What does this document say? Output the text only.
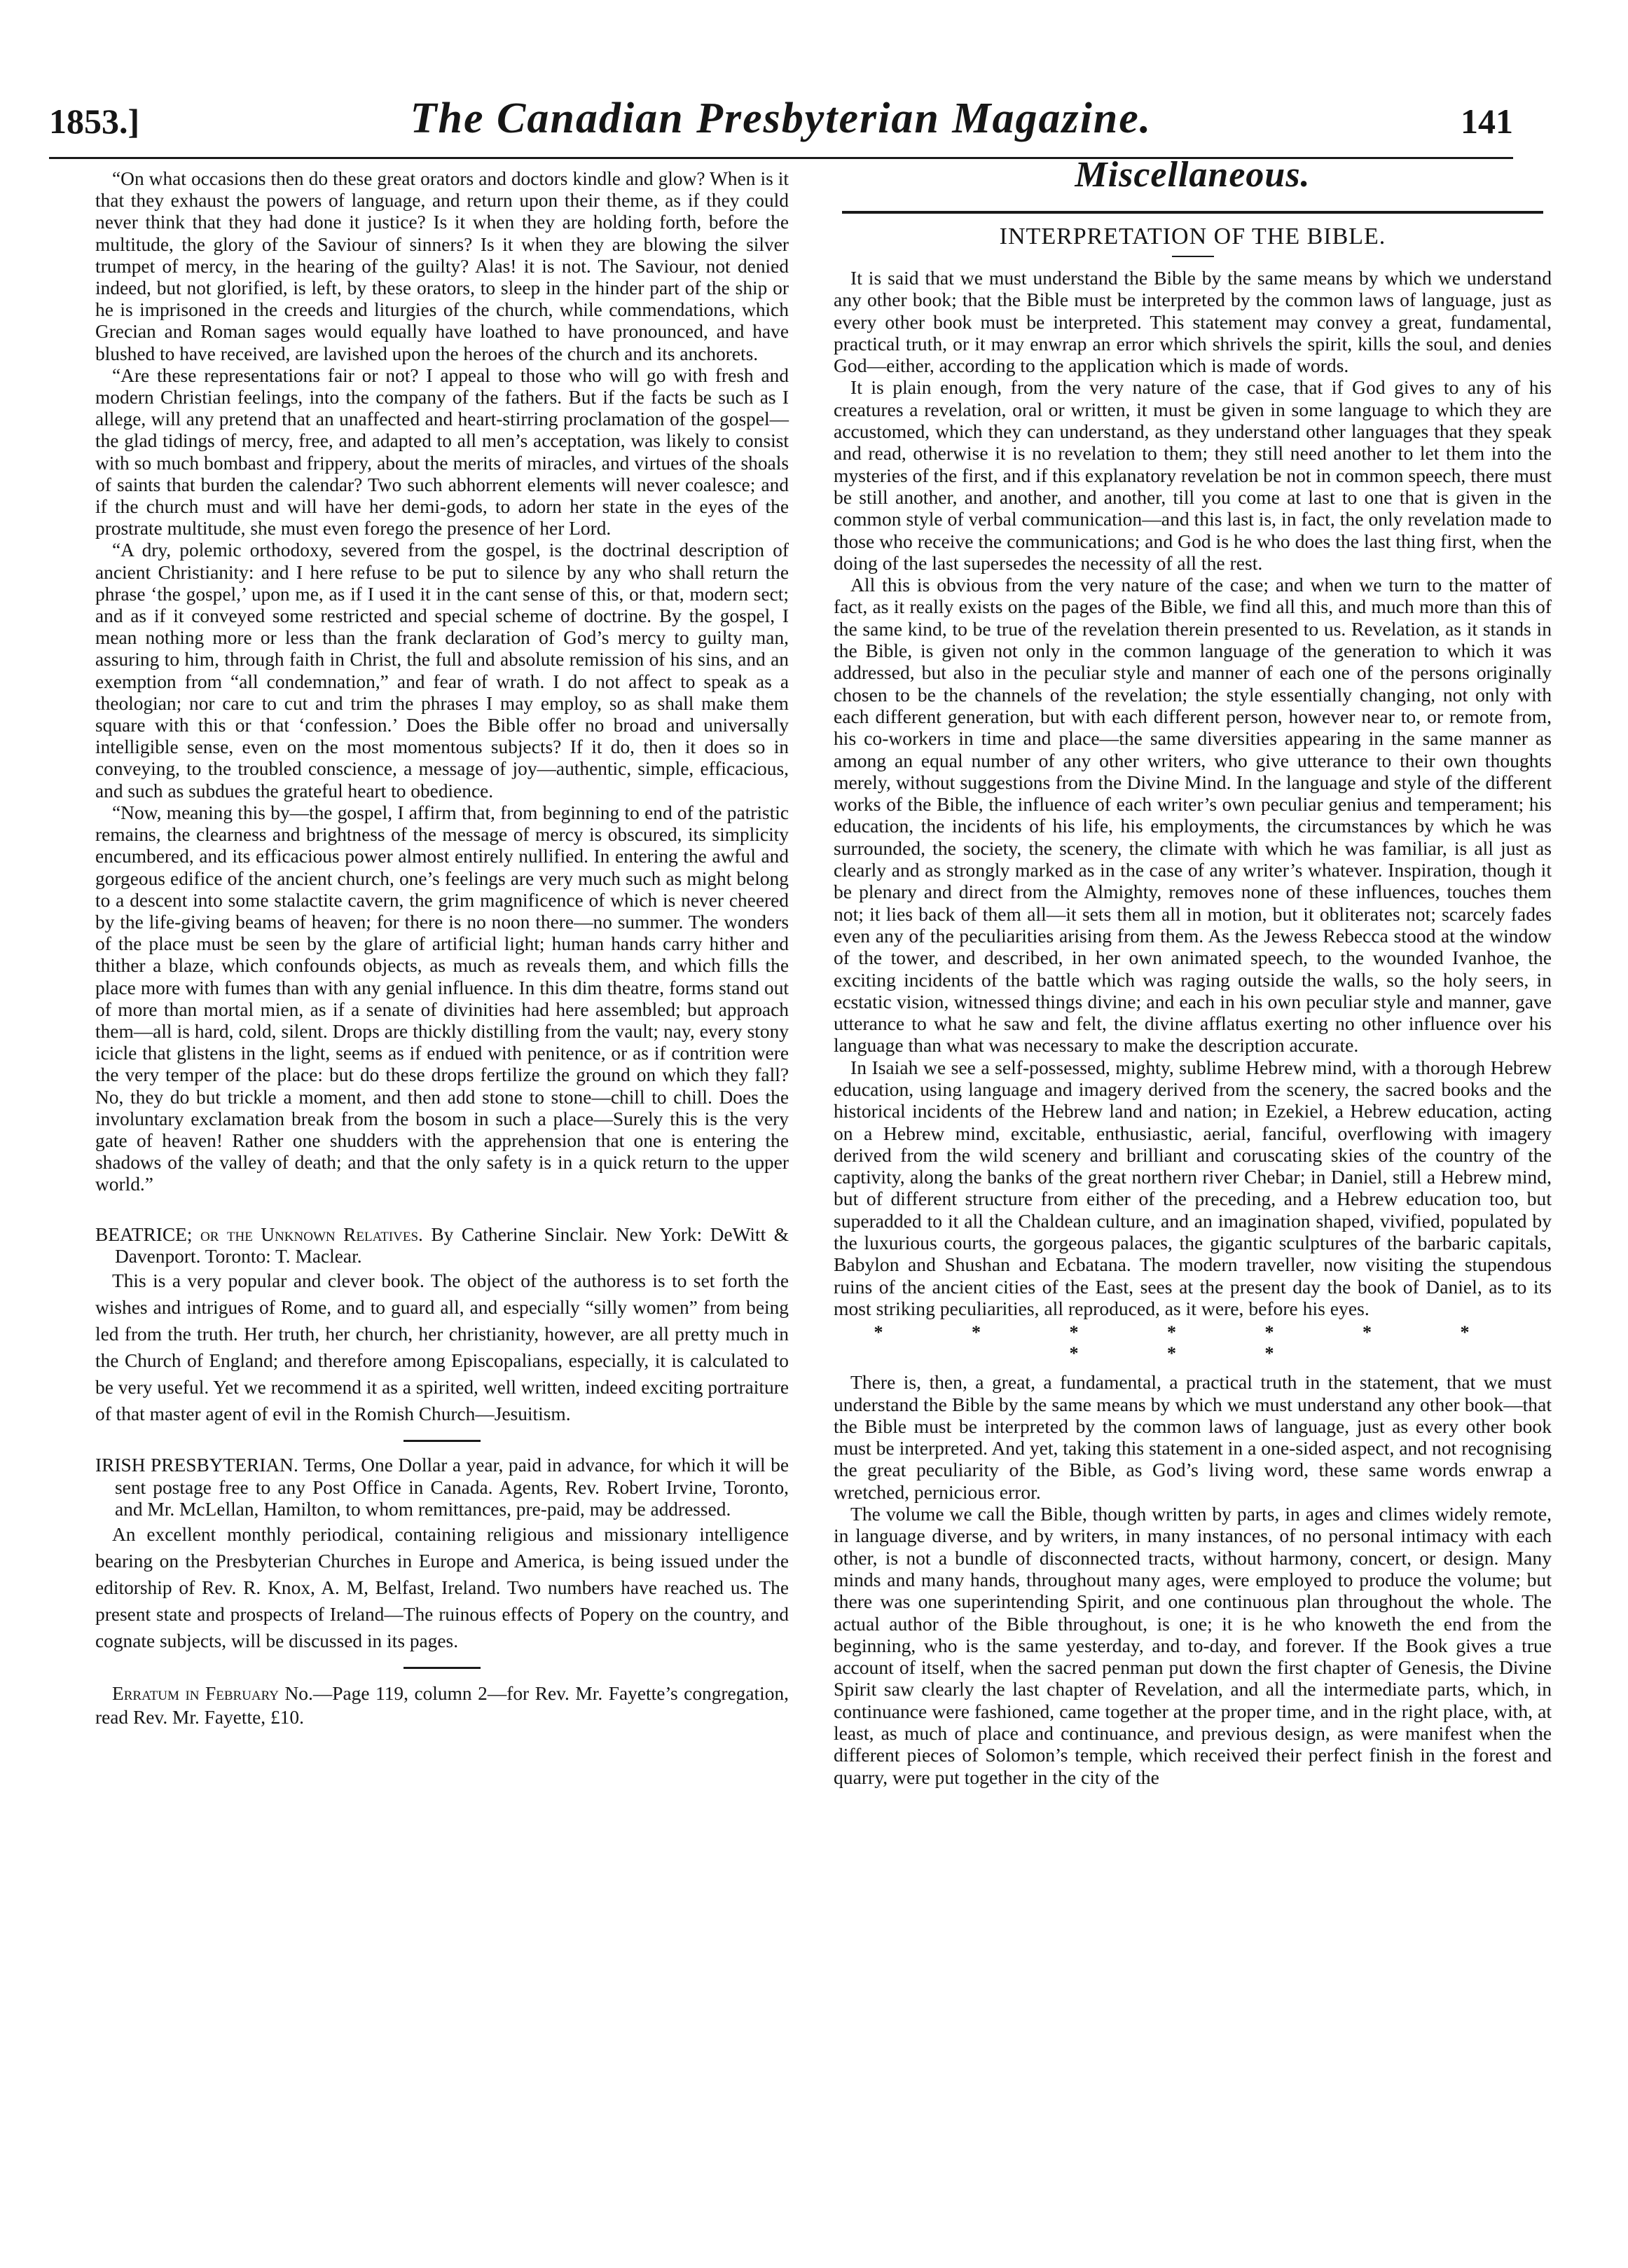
1853.]	The Canadian Presbyterian Magazine.	141

“On what occasions then do these great orators and doctors kindle and glow? When is it that they exhaust the powers of language, and return upon their theme, as if they could never think that they had done it justice? Is it when they are holding forth, before the multitude, the glory of the Saviour of sinners? Is it when they are blowing the silver trumpet of mercy, in the hearing of the guilty? Alas! it is not. The Saviour, not denied indeed, but not glorified, is left, by these orators, to sleep in the hinder part of the ship or he is imprisoned in the creeds and liturgies of the church, while commendations, which Grecian and Roman sages would equally have loathed to have pronounced, and have blushed to have received, are lavished upon the heroes of the church and its anchorets.

“Are these representations fair or not? I appeal to those who will go with fresh and modern Christian feelings, into the company of the fathers. But if the facts be such as I allege, will any pretend that an unaffected and heart-stirring proclamation of the gospel—the glad tidings of mercy, free, and adapted to all men’s acceptation, was likely to consist with so much bombast and frippery, about the merits of miracles, and virtues of the shoals of saints that burden the calendar? Two such abhorrent elements will never coalesce; and if the church must and will have her demi-gods, to adorn her state in the eyes of the prostrate multitude, she must even forego the presence of her Lord.

“A dry, polemic orthodoxy, severed from the gospel, is the doctrinal description of ancient Christianity: and I here refuse to be put to silence by any who shall return the phrase ‘the gospel,’ upon me, as if I used it in the cant sense of this, or that, modern sect; and as if it conveyed some restricted and special scheme of doctrine. By the gospel, I mean nothing more or less than the frank declaration of God’s mercy to guilty man, assuring to him, through faith in Christ, the full and absolute remission of his sins, and an exemption from “all condemnation,” and fear of wrath. I do not affect to speak as a theologian; nor care to cut and trim the phrases I may employ, so as shall make them square with this or that ‘confession.’ Does the Bible offer no broad and universally intelligible sense, even on the most momentous subjects? If it do, then it does so in conveying, to the troubled conscience, a message of joy—authentic, simple, efficacious, and such as subdues the grateful heart to obedience.

“Now, meaning this by—the gospel, I affirm that, from beginning to end of the patristic remains, the clearness and brightness of the message of mercy is obscured, its simplicity encumbered, and its efficacious power almost entirely nullified. In entering the awful and gorgeous edifice of the ancient church, one’s feelings are very much such as might belong to a descent into some stalactite cavern, the grim magnificence of which is never cheered by the life-giving beams of heaven; for there is no noon there—no summer. The wonders of the place must be seen by the glare of artificial light; human hands carry hither and thither a blaze, which confounds objects, as much as reveals them, and which fills the place more with fumes than with any genial influence. In this dim theatre, forms stand out of more than mortal mien, as if a senate of divinities had here assembled; but approach them—all is hard, cold, silent. Drops are thickly distilling from the vault; nay, every stony icicle that glistens in the light, seems as if endued with penitence, or as if contrition were the very temper of the place: but do these drops fertilize the ground on which they fall? No, they do but trickle a moment, and then add stone to stone—chill to chill. Does the involuntary exclamation break from the bosom in such a place—Surely this is the very gate of heaven! Rather one shudders with the apprehension that one is entering the shadows of the valley of death; and that the only safety is in a quick return to the upper world.”

BEATRICE; or the Unknown Relatives. By Catherine Sinclair. New York: DeWitt & Davenport. Toronto: T. Maclear.

This is a very popular and clever book. The object of the authoress is to set forth the wishes and intrigues of Rome, and to guard all, and especially “silly women” from being led from the truth. Her truth, her church, her christianity, however, are all pretty much in the Church of England; and therefore among Episcopalians, especially, it is calculated to be very useful. Yet we recommend it as a spirited, well written, indeed exciting portraiture of that master agent of evil in the Romish Church—Jesuitism.

IRISH PRESBYTERIAN. Terms, One Dollar a year, paid in advance, for which it will be sent postage free to any Post Office in Canada. Agents, Rev. Robert Irvine, Toronto, and Mr. McLellan, Hamilton, to whom remittances, pre-paid, may be addressed.

An excellent monthly periodical, containing religious and missionary intelligence bearing on the Presbyterian Churches in Europe and America, is being issued under the editorship of Rev. R. Knox, A. M, Belfast, Ireland. Two numbers have reached us. The present state and prospects of Ireland—The ruinous effects of Popery on the country, and cognate subjects, will be discussed in its pages.

Erratum in February No.—Page 119, column 2—for Rev. Mr. Fayette’s congregation, read Rev. Mr. Fayette, £10.

Miscellaneous.
INTERPRETATION OF THE BIBLE.

It is said that we must understand the Bible by the same means by which we understand any other book; that the Bible must be interpreted by the common laws of language, just as every other book must be interpreted. This statement may convey a great, fundamental, practical truth, or it may enwrap an error which shrivels the spirit, kills the soul, and denies God—either, according to the application which is made of words.

It is plain enough, from the very nature of the case, that if God gives to any of his creatures a revelation, oral or written, it must be given in some language to which they are accustomed, which they can understand, as they understand other languages that they speak and read, otherwise it is no revelation to them; they still need another to let them into the mysteries of the first, and if this explanatory revelation be not in common speech, there must be still another, and another, and another, till you come at last to one that is given in the common style of verbal communication—and this last is, in fact, the only revelation made to those who receive the communications; and God is he who does the last thing first, when the doing of the last supersedes the necessity of all the rest.

All this is obvious from the very nature of the case; and when we turn to the matter of fact, as it really exists on the pages of the Bible, we find all this, and much more than this of the same kind, to be true of the revelation therein presented to us. Revelation, as it stands in the Bible, is given not only in the common language of the generation to which it was addressed, but also in the peculiar style and manner of each one of the persons originally chosen to be the channels of the revelation; the style essentially changing, not only with each different generation, but with each different person, however near to, or remote from, his co-workers in time and place—the same diversities appearing in the same manner as among an equal number of any other writers, who give utterance to their own thoughts merely, without suggestions from the Divine Mind. In the language and style of the different works of the Bible, the influence of each writer’s own peculiar genius and temperament; his education, the incidents of his life, his employments, the circumstances by which he was surrounded, the society, the scenery, the climate with which he was familiar, is all just as clearly and as strongly marked as in the case of any writer’s whatever. Inspiration, though it be plenary and direct from the Almighty, removes none of these influences, touches them not; it lies back of them all—it sets them all in motion, but it obliterates not; scarcely fades even any of the peculiarities arising from them. As the Jewess Rebecca stood at the window of the tower, and described, in her own animated speech, to the wounded Ivanhoe, the exciting incidents of the battle which was raging outside the walls, so the holy seers, in ecstatic vision, witnessed things divine; and each in his own peculiar style and manner, gave utterance to what he saw and felt, the divine afflatus exerting no other influence over his language than what was necessary to make the description accurate.

In Isaiah we see a self-possessed, mighty, sublime Hebrew mind, with a thorough Hebrew education, using language and imagery derived from the scenery, the sacred books and the historical incidents of the Hebrew land and nation; in Ezekiel, a Hebrew education, acting on a Hebrew mind, excitable, enthusiastic, aerial, fanciful, overflowing with imagery derived from the wild scenery and brilliant and coruscating skies of the country of the captivity, along the banks of the great northern river Chebar; in Daniel, still a Hebrew mind, but of different structure from either of the preceding, and a Hebrew education too, but superadded to it all the Chaldean culture, and an imagination shaped, vivified, populated by the luxurious courts, the gorgeous palaces, the gigantic sculptures of the barbaric capitals, Babylon and Shushan and Ecbatana. The modern traveller, now visiting the stupendous ruins of the ancient cities of the East, sees at the present day the book of Daniel, as to its most striking peculiarities, all reproduced, as it were, before his eyes.

* * * * * * * * * *

There is, then, a great, a fundamental, a practical truth in the statement, that we must understand the Bible by the same means by which we must understand any other book—that the Bible must be interpreted by the common laws of language, just as every other book must be interpreted. And yet, taking this statement in a one-sided aspect, and not recognising the great peculiarity of the Bible, as God’s living word, these same words enwrap a wretched, pernicious error.

The volume we call the Bible, though written by parts, in ages and climes widely remote, in language diverse, and by writers, in many instances, of no personal intimacy with each other, is not a bundle of disconnected tracts, without harmony, concert, or design. Many minds and many hands, throughout many ages, were employed to produce the volume; but there was one superintending Spirit, and one continuous plan throughout the whole. The actual author of the Bible throughout, is one; it is he who knoweth the end from the beginning, who is the same yesterday, and to-day, and forever. If the Book gives a true account of itself, when the sacred penman put down the first chapter of Genesis, the Divine Spirit saw clearly the last chapter of Revelation, and all the intermediate parts, which, in continuance were fashioned, came together at the proper time, and in the right place, with, at least, as much of place and continuance, and previous design, as were manifest when the different pieces of Solomon’s temple, which received their perfect finish in the forest and quarry, were put together in the city of the
